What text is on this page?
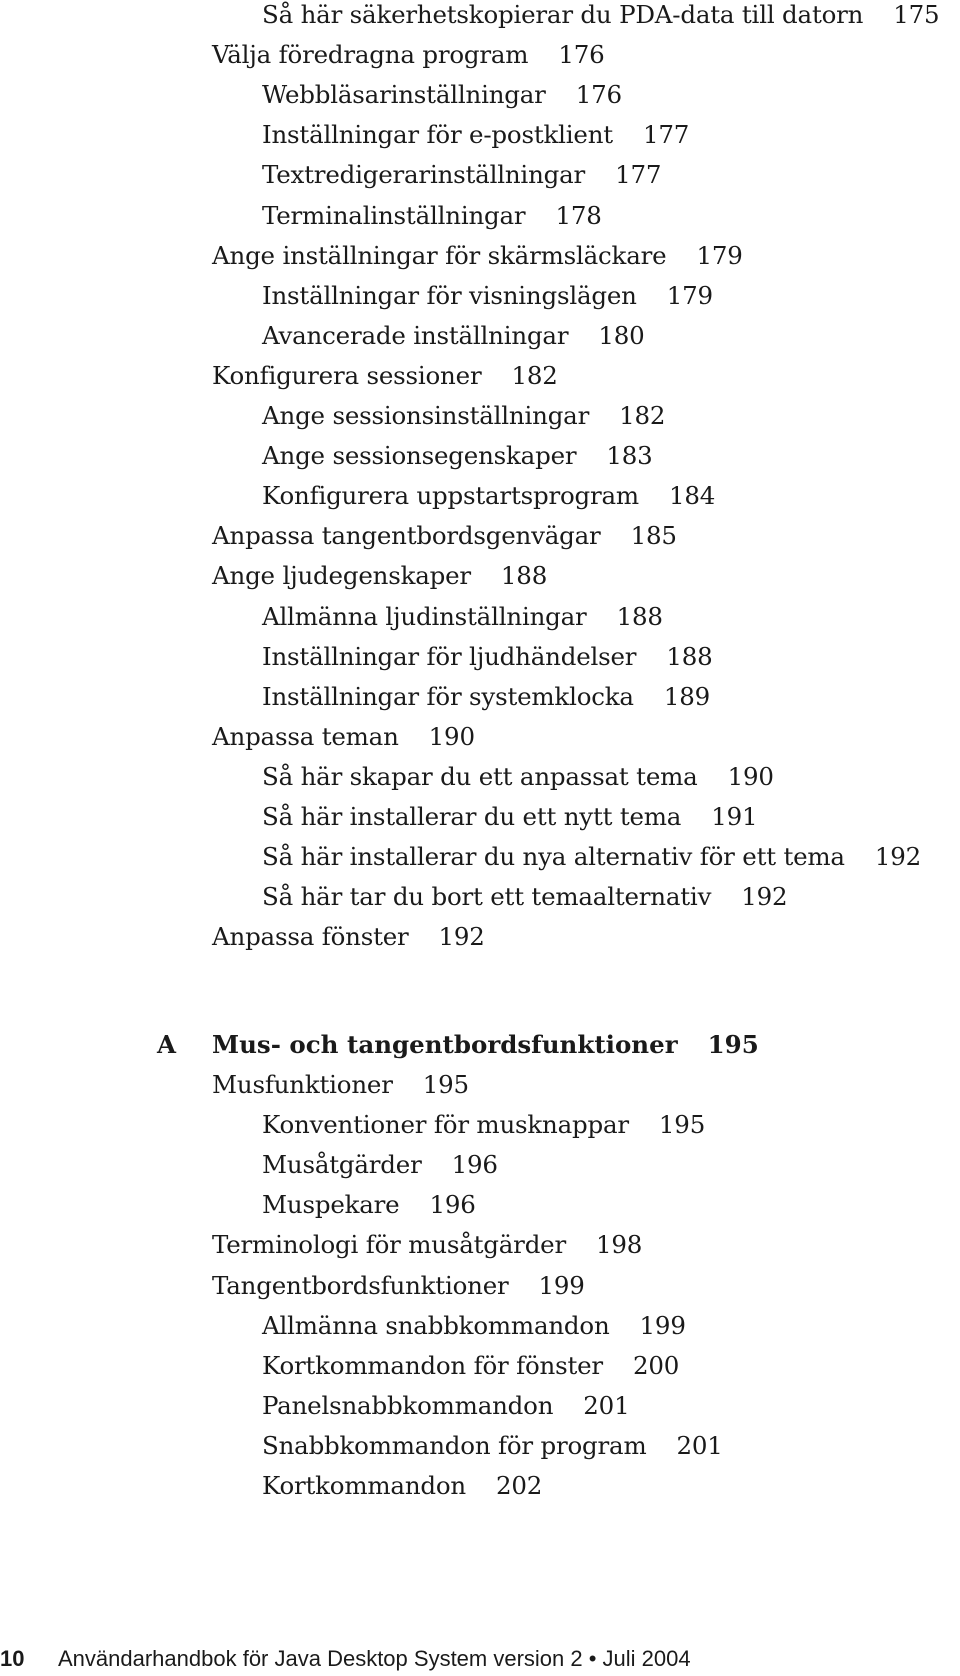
Så här säkerhetskopierar du PDA-data till datorn 175
Välja föredragna program 176
Webbläsarinställningar 176
Inställningar för e-postklient 177
Textredigerarinställningar 177
Terminalinställningar 178
Ange inställningar för skärmsläckare 179
Inställningar för visningslägen 179
Avancerade inställningar 180
Konfigurera sessioner 182
Ange sessionsinställningar 182
Ange sessionsegenskaper 183
Konfigurera uppstartsprogram 184
Anpassa tangentbordsgenvägar 185
Ange ljudegenskaper 188
Allmänna ljudinställningar 188
Inställningar för ljudhändelser 188
Inställningar för systemklocka 189
Anpassa teman 190
Så här skapar du ett anpassat tema 190
Så här installerar du ett nytt tema 191
Så här installerar du nya alternativ för ett tema 192
Så här tar du bort ett temaalternativ 192
Anpassa fönster 192
A Mus- och tangentbordsfunktioner 195
Musfunktioner 195
Konventioner för musknappar 195
Musåtgärder 196
Muspekare 196
Terminologi för musåtgärder 198
Tangentbordsfunktioner 199
Allmänna snabbkommandon 199
Kortkommandon för fönster 200
Panelsnabbkommandon 201
Snabbkommandon för program 201
Kortkommandon 202
10 Användarhandbok för Java Desktop System version 2 • Juli 2004
